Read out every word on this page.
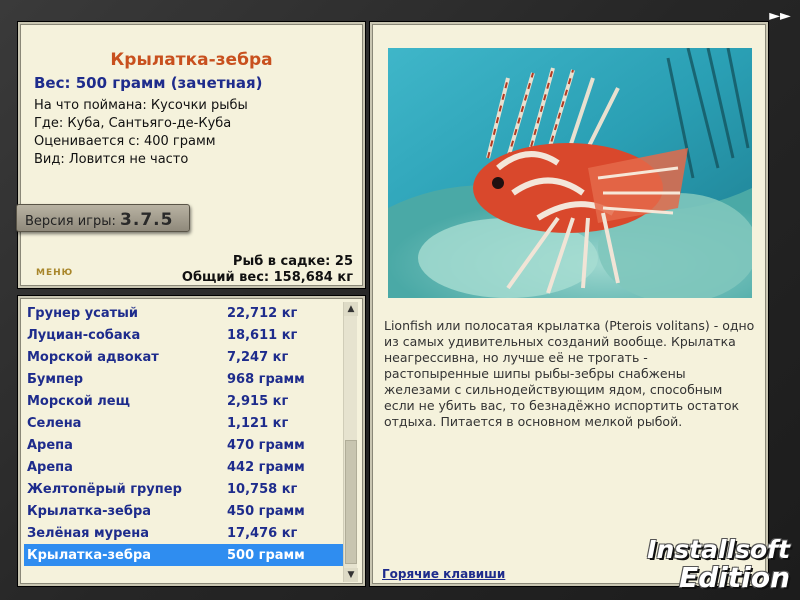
►►
Крылатка-зебра
Вес: 500 грамм (зачетная)
На что поймана: Кусочки рыбы
Где: Куба, Сантьяго-де-Куба
Оценивается с: 400 грамм
Вид: Ловится не часто
Версия игры: 3.7.5
МЕНЮ
Рыб в садке: 25
Общий вес: 158,684 кг
Грунер усатый	22,712 кг
Луциан-собака	18,611 кг
Морской адвокат	7,247 кг
Бумпер	968 грамм
Морской лещ	2,915 кг
Селена	1,121 кг
Арепа	470 грамм
Арепа	442 грамм
Желтопёрый групер	10,758 кг
Крылатка-зебра	450 грамм
Зелёная мурена	17,476 кг
Крылатка-зебра	500 грамм
▲
▼
Lionfish или полосатая крылатка (Pterois volitans) - одно из самых удивительных созданий вообще. Крылатка неагрессивна, но лучше её не трогать - растопыренные шипы рыбы-зебры снабжены железами с сильнодействующим ядом, способным если не убить вас, то безнадёжно испортить остаток отдыха. Питается в основном мелкой рыбой.
Горячие клавиши
Installsoft
Edition
